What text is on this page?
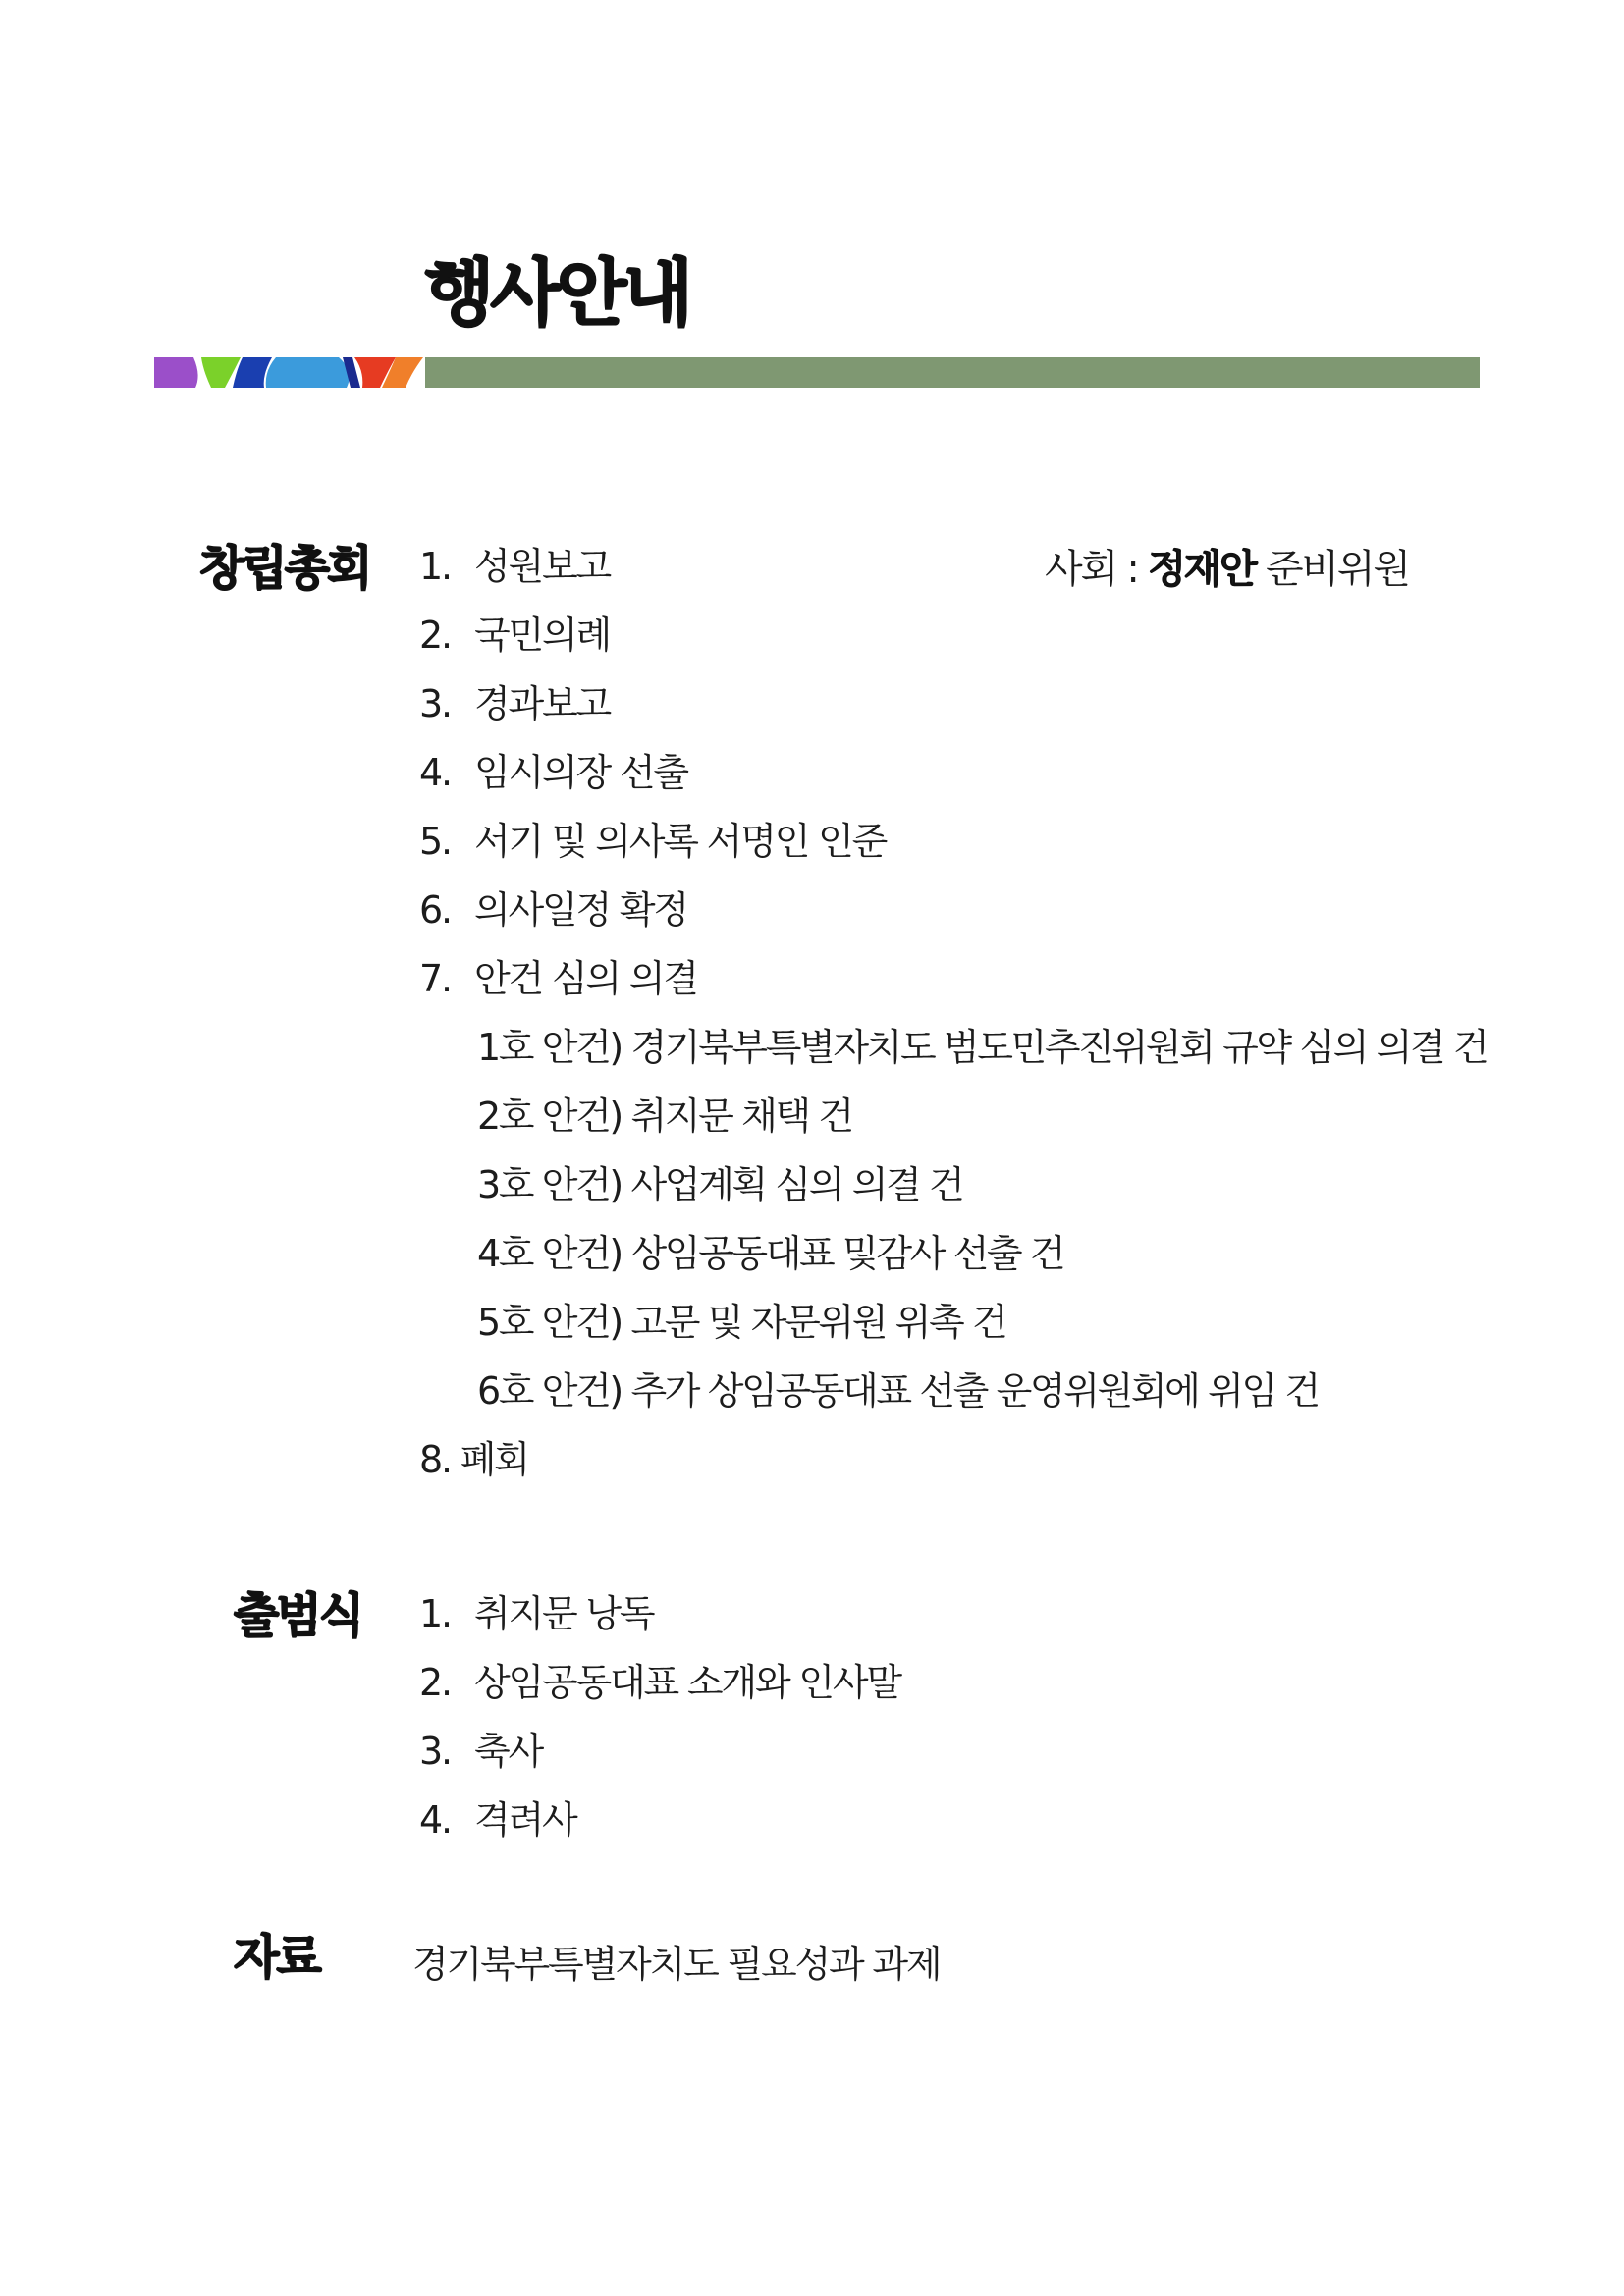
행사안내
창립총회	사회 : 정재안 준비위원
1. 성원보고
2. 국민의례
3. 경과보고
4. 임시의장 선출
5. 서기 및 의사록 서명인 인준
6. 의사일정 확정
7. 안건 심의 의결
1호 안건) 경기북부특별자치도 범도민추진위원회 규약 심의 의결 건
2호 안건) 취지문 채택 건
3호 안건) 사업계획 심의 의결 건
4호 안건) 상임공동대표 및감사 선출 건
5호 안건) 고문 및 자문위원 위촉 건
6호 안건) 추가 상임공동대표 선출 운영위원회에 위임 건
8. 폐회
출범식 1. 취지문 낭독
2. 상임공동대표 소개와 인사말
3. 축사
4. 격려사
자료	경기북부특별자치도 필요성과 과제
